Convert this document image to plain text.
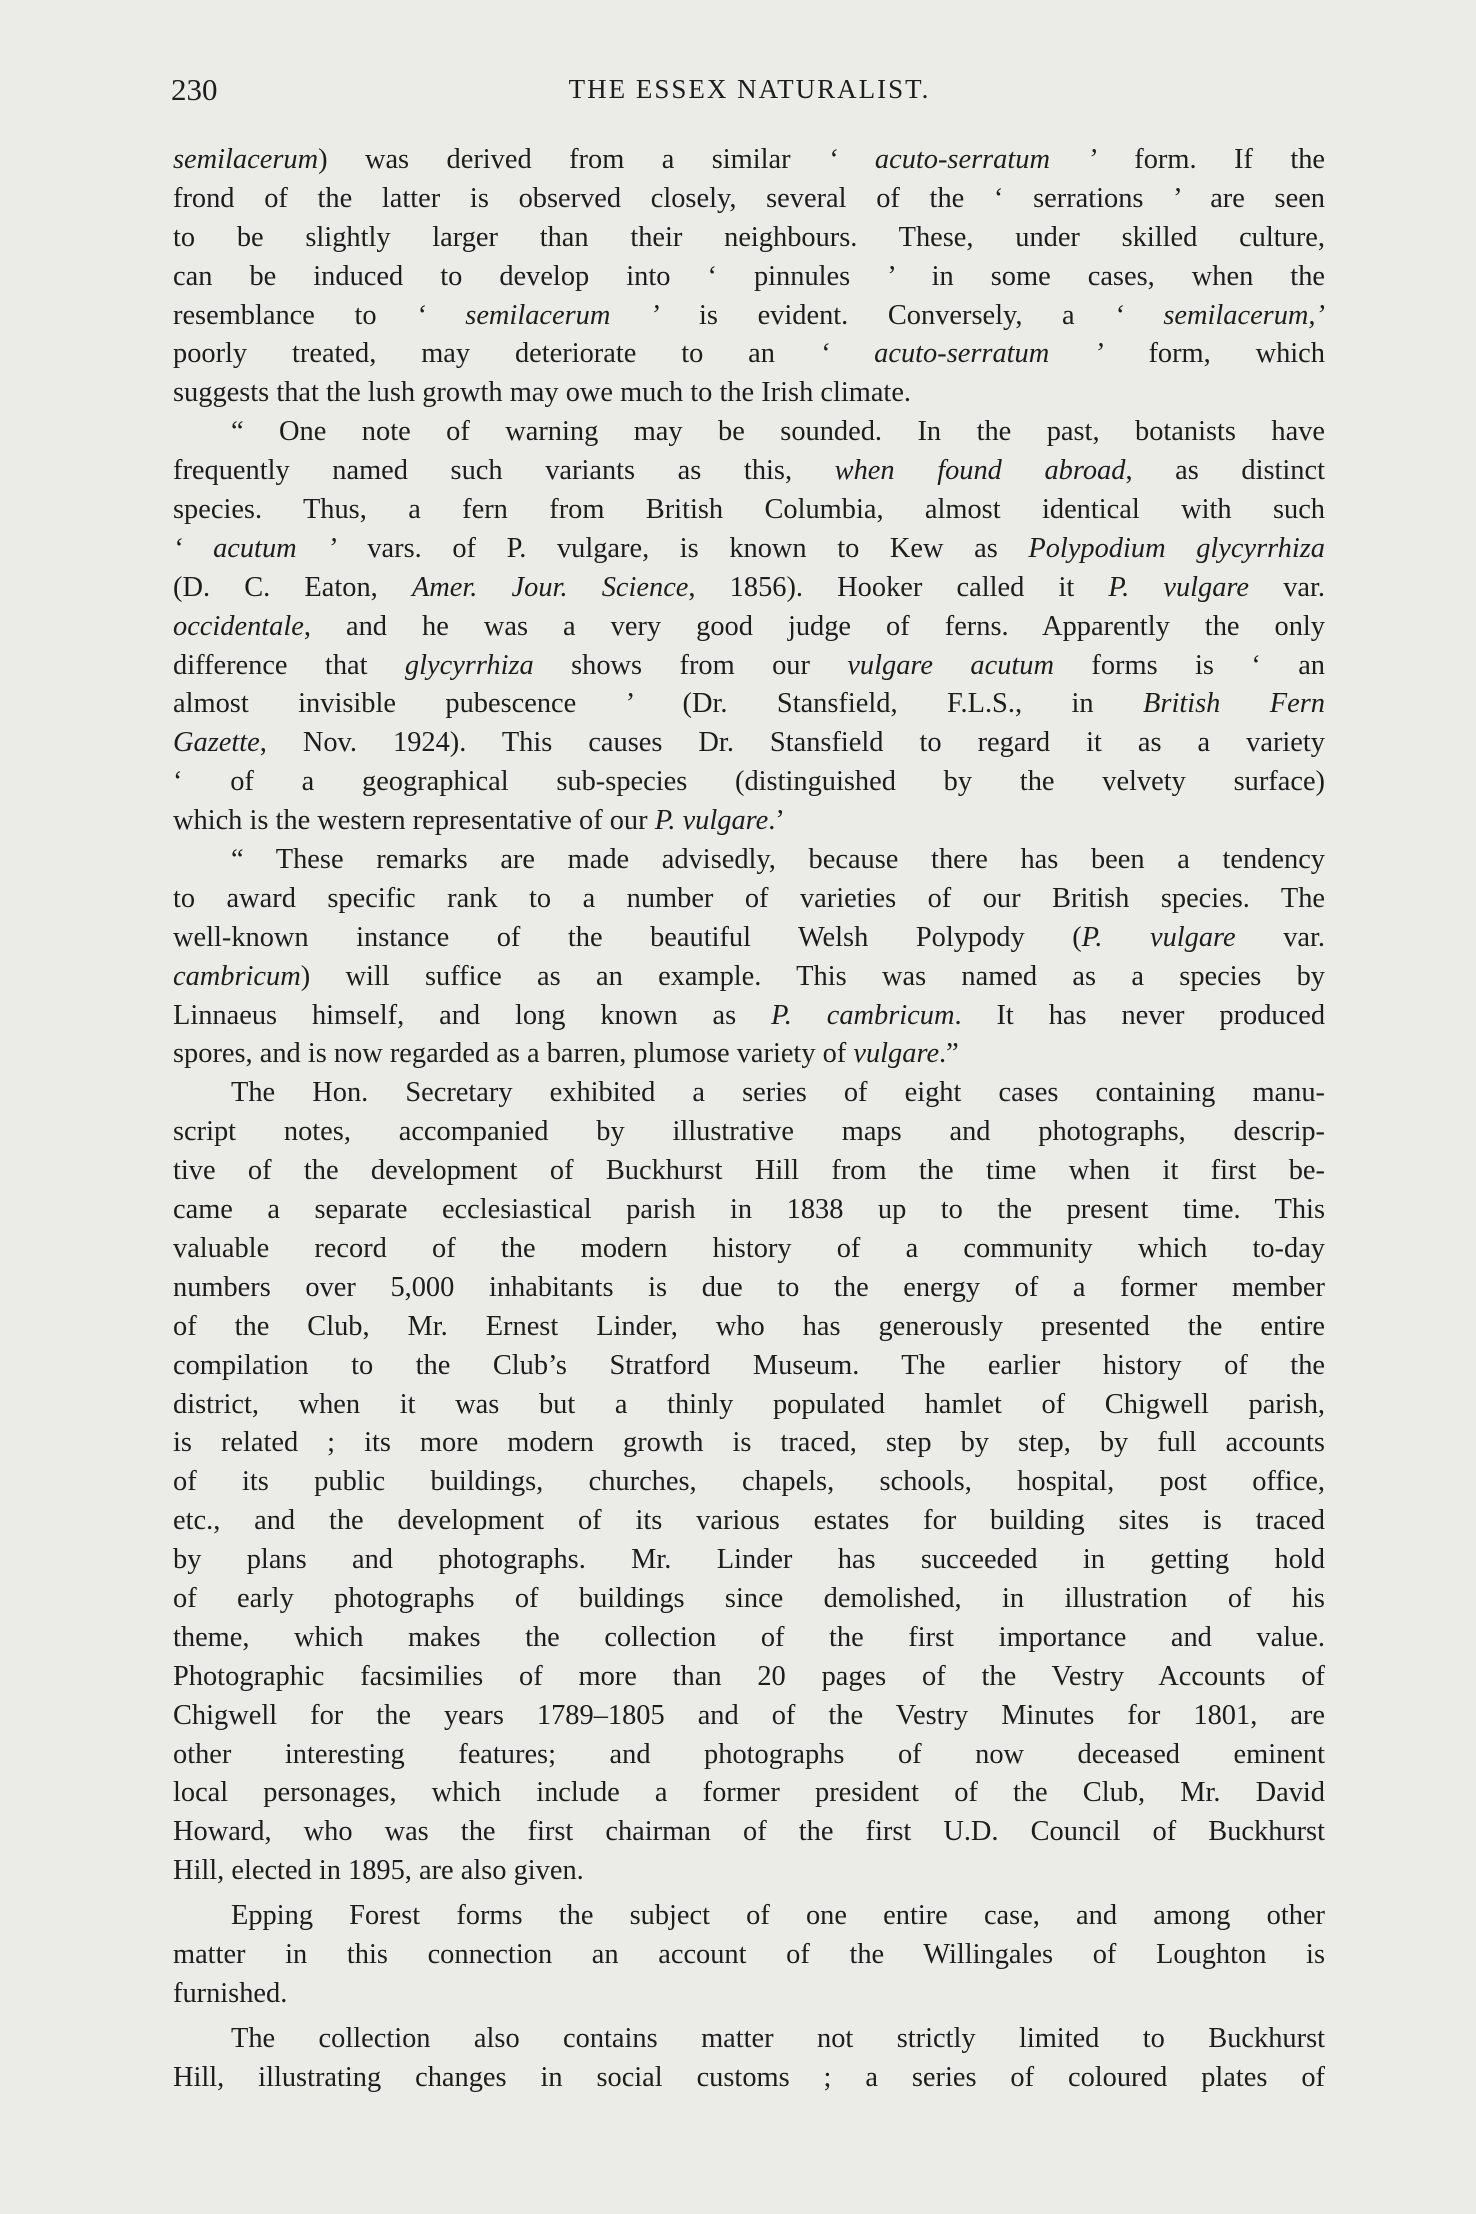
230	THE ESSEX NATURALIST.
semilacerum) was derived from a similar ‘ acuto-serratum ’ form. If the
frond of the latter is observed closely, several of the ‘ serrations ’ are seen
to be slightly larger than their neighbours. These, under skilled culture,
can be induced to develop into ‘ pinnules ’ in some cases, when the
resemblance to ‘ semilacerum ’ is evident. Conversely, a ‘ semilacerum,’
poorly treated, may deteriorate to an ‘ acuto-serratum ’ form, which
suggests that the lush growth may owe much to the Irish climate.
“ One note of warning may be sounded. In the past, botanists have
frequently named such variants as this, when found abroad, as distinct
species. Thus, a fern from British Columbia, almost identical with such
‘ acutum ’ vars. of P. vulgare, is known to Kew as Polypodium glycyrrhiza
(D. C. Eaton, Amer. Jour. Science, 1856). Hooker called it P. vulgare var.
occidentale, and he was a very good judge of ferns. Apparently the only
difference that glycyrrhiza shows from our vulgare acutum forms is ‘ an
almost invisible pubescence ’ (Dr. Stansfield, F.L.S., in British Fern
Gazette, Nov. 1924). This causes Dr. Stansfield to regard it as a variety
‘ of a geographical sub-species (distinguished by the velvety surface)
which is the western representative of our P. vulgare.’
“ These remarks are made advisedly, because there has been a tendency
to award specific rank to a number of varieties of our British species. The
well-known instance of the beautiful Welsh Polypody (P. vulgare var.
cambricum) will suffice as an example. This was named as a species by
Linnaeus himself, and long known as P. cambricum. It has never produced
spores, and is now regarded as a barren, plumose variety of vulgare.”
The Hon. Secretary exhibited a series of eight cases containing manu-
script notes, accompanied by illustrative maps and photographs, descrip-
tive of the development of Buckhurst Hill from the time when it first be-
came a separate ecclesiastical parish in 1838 up to the present time. This
valuable record of the modern history of a community which to-day
numbers over 5,000 inhabitants is due to the energy of a former member
of the Club, Mr. Ernest Linder, who has generously presented the entire
compilation to the Club’s Stratford Museum. The earlier history of the
district, when it was but a thinly populated hamlet of Chigwell parish,
is related ; its more modern growth is traced, step by step, by full accounts
of its public buildings, churches, chapels, schools, hospital, post office,
etc., and the development of its various estates for building sites is traced
by plans and photographs. Mr. Linder has succeeded in getting hold
of early photographs of buildings since demolished, in illustration of his
theme, which makes the collection of the first importance and value.
Photographic facsimilies of more than 20 pages of the Vestry Accounts of
Chigwell for the years 1789–1805 and of the Vestry Minutes for 1801, are
other interesting features; and photographs of now deceased eminent
local personages, which include a former president of the Club, Mr. David
Howard, who was the first chairman of the first U.D. Council of Buckhurst
Hill, elected in 1895, are also given.
Epping Forest forms the subject of one entire case, and among other
matter in this connection an account of the Willingales of Loughton is
furnished.
The collection also contains matter not strictly limited to Buckhurst
Hill, illustrating changes in social customs ; a series of coloured plates of
